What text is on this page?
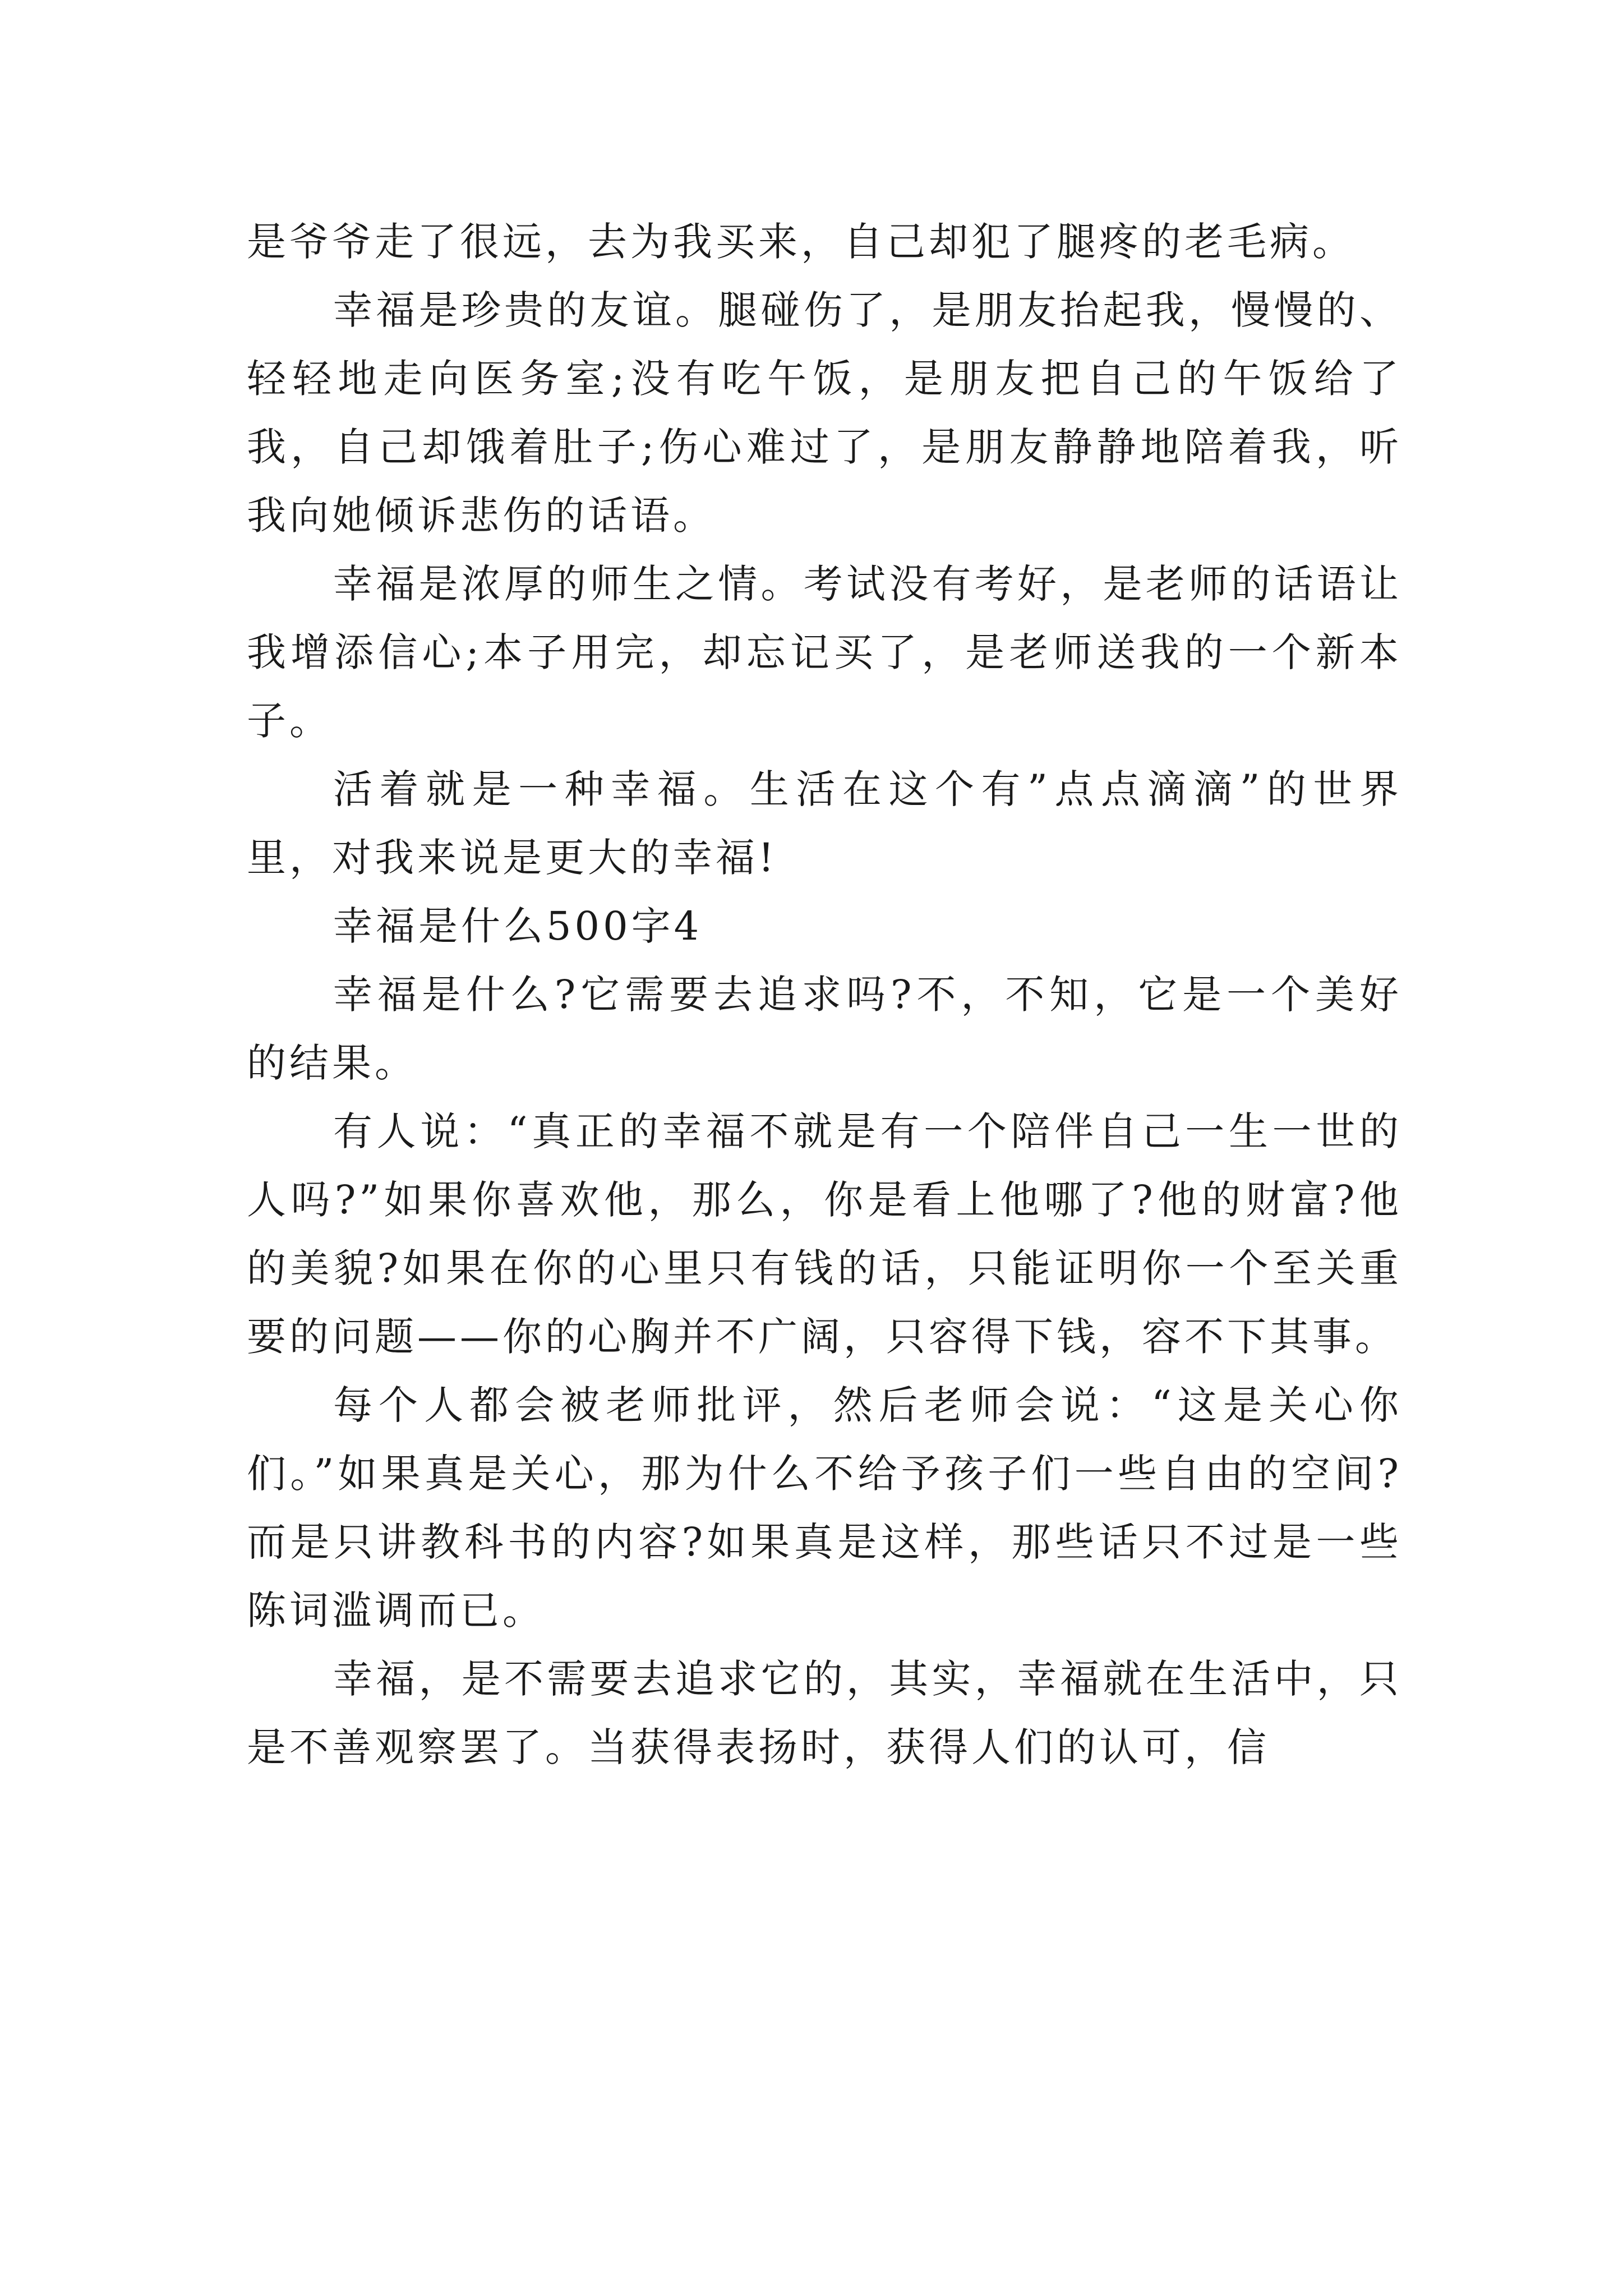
是爷爷走了很远，去为我买来，自己却犯了腿疼的老毛病。

幸福是珍贵的友谊。腿碰伤了，是朋友抬起我，慢慢的、轻轻地走向医务室;没有吃午饭，是朋友把自己的午饭给了我，自己却饿着肚子;伤心难过了，是朋友静静地陪着我，听我向她倾诉悲伤的话语。

幸福是浓厚的师生之情。考试没有考好，是老师的话语让我增添信心;本子用完，却忘记买了，是老师送我的一个新本子。

活着就是一种幸福。生活在这个有”点点滴滴”的世界里，对我来说是更大的幸福!

幸福是什么500字4

幸福是什么?它需要去追求吗?不，不知，它是一个美好的结果。

有人说：“真正的幸福不就是有一个陪伴自己一生一世的人吗?”如果你喜欢他，那么，你是看上他哪了?他的财富?他的美貌?如果在你的心里只有钱的话，只能证明你一个至关重要的问题——你的心胸并不广阔，只容得下钱，容不下其事。

每个人都会被老师批评，然后老师会说：“这是关心你们。”如果真是关心，那为什么不给予孩子们一些自由的空间?而是只讲教科书的内容?如果真是这样，那些话只不过是一些陈词滥调而已。

幸福，是不需要去追求它的，其实，幸福就在生活中，只是不善观察罢了。当获得表扬时，获得人们的认可，信
